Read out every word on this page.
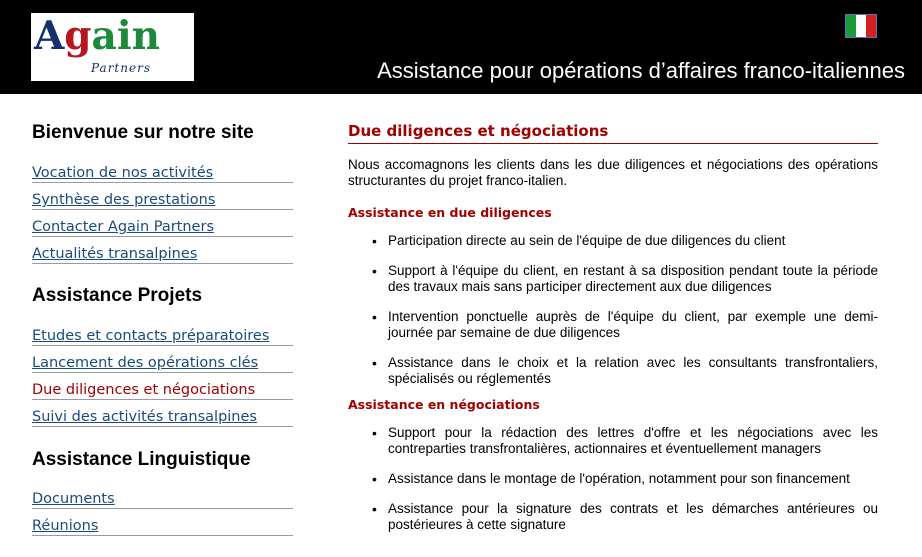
Again
Partners	Assistance pour opérations d’affaires franco-italiennes
Bienvenue sur notre site
Vocation de nos activités
Synthèse des prestations
Contacter Again Partners
Actualités transalpines
Assistance Projets
Etudes et contacts préparatoires
Lancement des opérations clés
Due diligences et négociations
Suivi des activités transalpines
Assistance Linguistique
Documents
Réunions
Due diligences et négociations

Nous accomagnons les clients dans les due diligences et négociations des opérations structurantes du projet franco-italien.

Assistance en due diligences
• Participation directe au sein de l'équipe de due diligences du client
• Support à l'équipe du client, en restant à sa disposition pendant toute la période des travaux mais sans participer directement aux due diligences
• Intervention ponctuelle auprès de l'équipe du client, par exemple une demi-journée par semaine de due diligences
• Assistance dans le choix et la relation avec les consultants transfrontaliers, spécialisés ou réglementés
Assistance en négociations
• Support pour la rédaction des lettres d'offre et les négociations avec les contreparties transfrontalières, actionnaires et éventuellement managers
• Assistance dans le montage de l'opération, notamment pour son financement
• Assistance pour la signature des contrats et les démarches antérieures ou postérieures à cette signature
